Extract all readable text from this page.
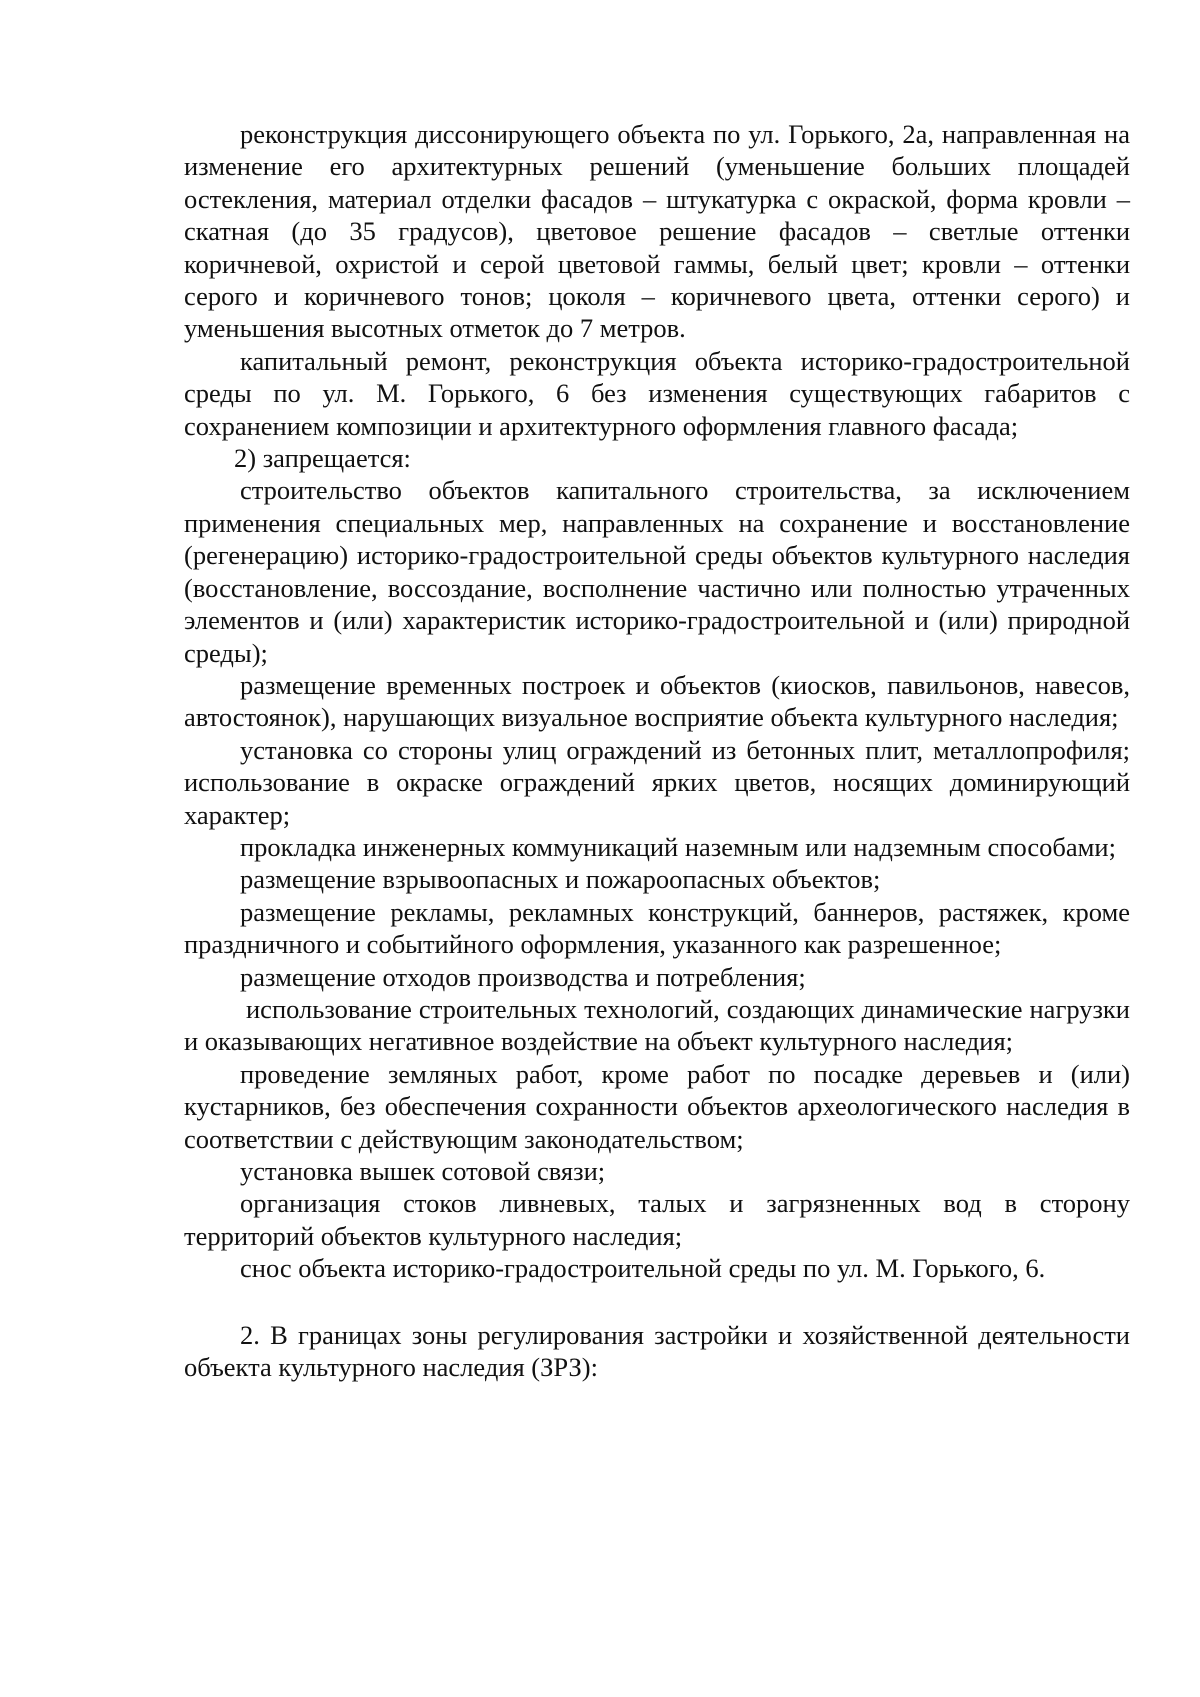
реконструкция диссонирующего объекта по ул. Горького, 2а, направленная на изменение его архитектурных решений (уменьшение больших площадей остекления, материал отделки фасадов – штукатурка с окраской, форма кровли – скатная (до 35 градусов), цветовое решение фасадов – светлые оттенки коричневой, охристой и серой цветовой гаммы, белый цвет; кровли – оттенки серого и коричневого тонов; цоколя – коричневого цвета, оттенки серого) и уменьшения высотных отметок до 7 метров.

капитальный ремонт, реконструкция объекта историко-градостроительной среды по ул. М. Горького, 6 без изменения существующих габаритов с сохранением композиции и архитектурного оформления главного фасада;

2) запрещается:

строительство объектов капитального строительства, за исключением применения специальных мер, направленных на сохранение и восстановление (регенерацию) историко-градостроительной среды объектов культурного наследия (восстановление, воссоздание, восполнение частично или полностью утраченных элементов и (или) характеристик историко-градостроительной и (или) природной среды);

размещение временных построек и объектов (киосков, павильонов, навесов, автостоянок), нарушающих визуальное восприятие объекта культурного наследия;

установка со стороны улиц ограждений из бетонных плит, металлопрофиля; использование в окраске ограждений ярких цветов, носящих доминирующий характер;

прокладка инженерных коммуникаций наземным или надземным способами;

размещение взрывоопасных и пожароопасных объектов;

размещение рекламы, рекламных конструкций, баннеров, растяжек, кроме праздничного и событийного оформления, указанного как разрешенное;

размещение отходов производства и потребления;

использование строительных технологий, создающих динамические нагрузки и оказывающих негативное воздействие на объект культурного наследия;

проведение земляных работ, кроме работ по посадке деревьев и (или) кустарников, без обеспечения сохранности объектов археологического наследия в соответствии с действующим законодательством;

установка вышек сотовой связи;

организация стоков ливневых, талых и загрязненных вод в сторону территорий объектов культурного наследия;

снос объекта историко-градостроительной среды по ул. М. Горького, 6.

2. В границах зоны регулирования застройки и хозяйственной деятельности объекта культурного наследия (ЗРЗ):
